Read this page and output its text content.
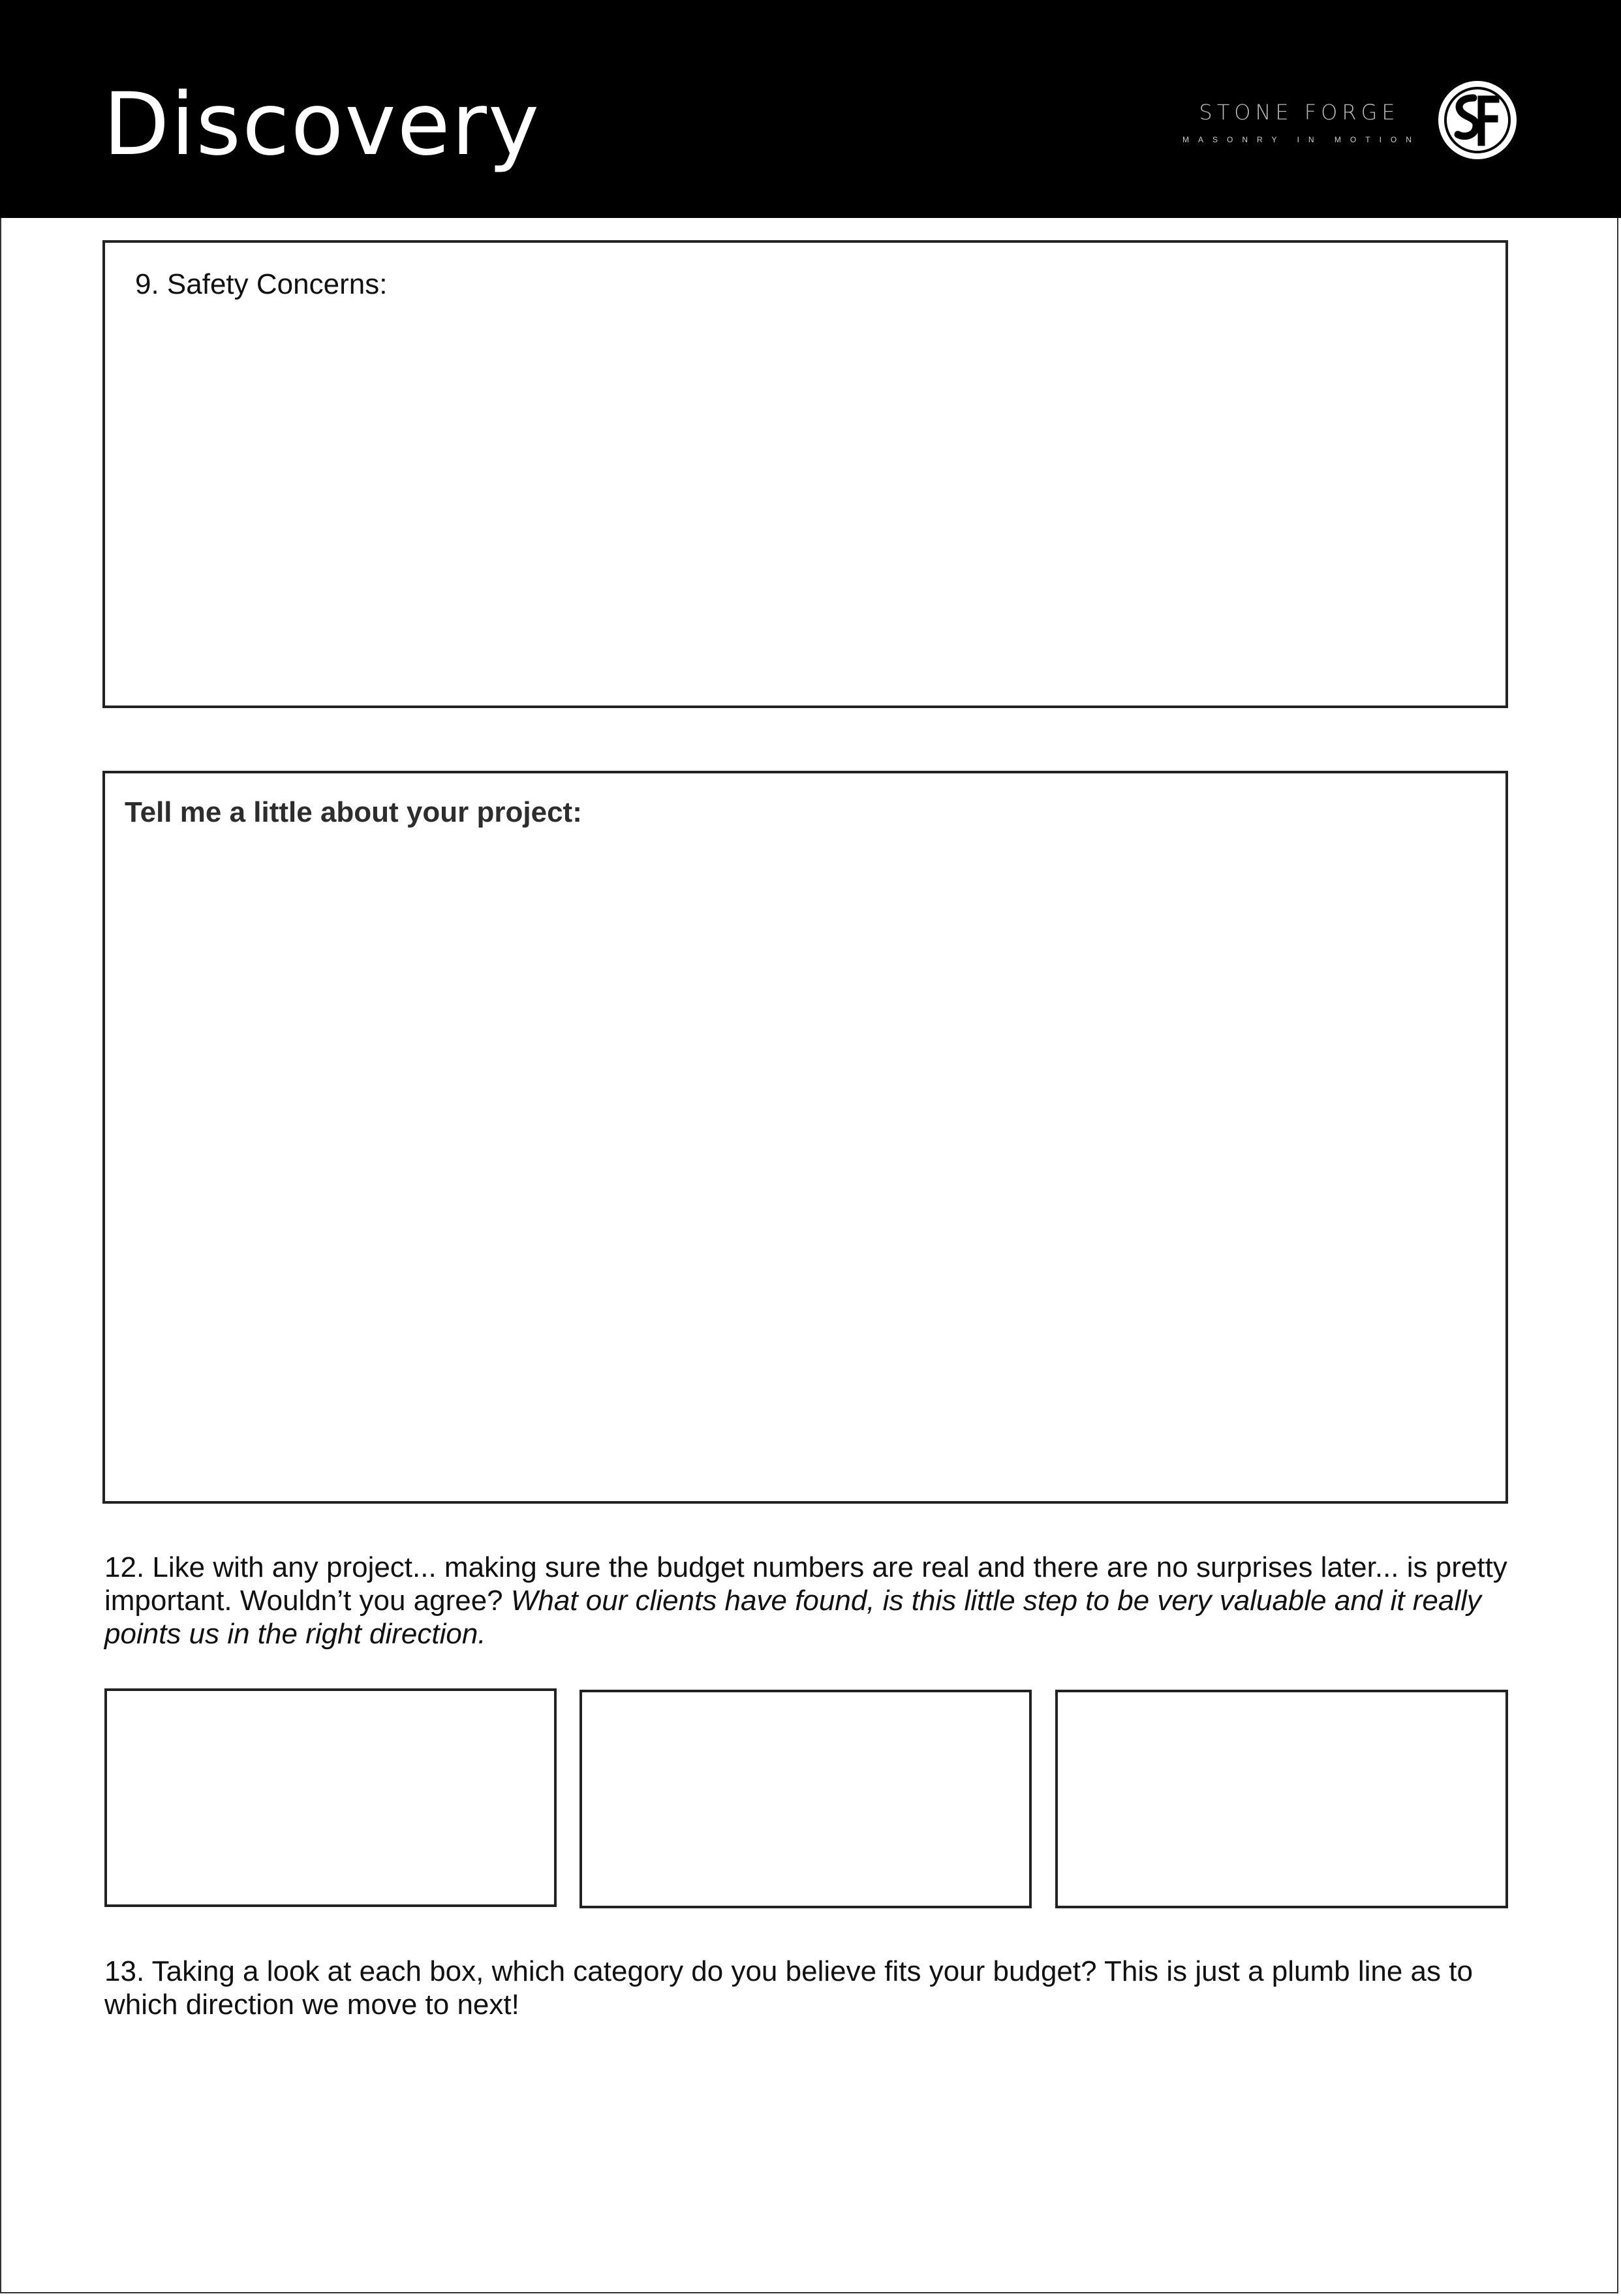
Discovery	STONE FORGE
MASONRY IN MOTION
9. Safety Concerns:
Tell me a little about your project:
12. Like with any project... making sure the budget numbers are real and there are no surprises later... is pretty important. Wouldn’t you agree? What our clients have found, is this little step to be very valuable and it really points us in the right direction.
13. Taking a look at each box, which category do you believe fits your budget? This is just a plumb line as to which direction we move to next!
